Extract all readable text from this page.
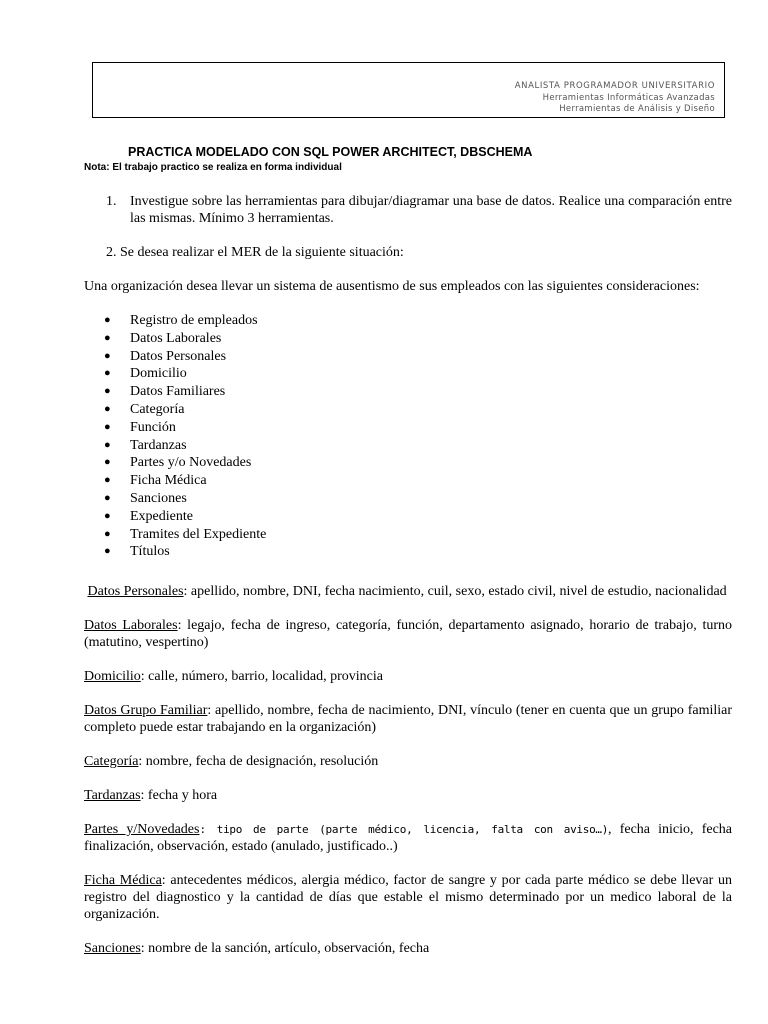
ANALISTA PROGRAMADOR UNIVERSITARIO
Herramientas Informáticas Avanzadas
Herramientas de Análisis y Diseño
PRACTICA MODELADO CON SQL POWER ARCHITECT, DBSCHEMA
Nota: El trabajo practico se realiza en forma individual

1. Investigue sobre las herramientas para dibujar/diagramar una base de datos. Realice una comparación entre las mismas. Mínimo 3 herramientas.

2. Se desea realizar el MER de la siguiente situación:

Una organización desea llevar un sistema de ausentismo de sus empleados con las siguientes consideraciones:

● Registro de empleados
● Datos Laborales
● Datos Personales
● Domicilio
● Datos Familiares
● Categoría
● Función
● Tardanzas
● Partes y/o Novedades
● Ficha Médica
● Sanciones
● Expediente
● Tramites del Expediente
● Títulos

Datos Personales: apellido, nombre, DNI, fecha nacimiento, cuil, sexo, estado civil, nivel de estudio, nacionalidad

Datos Laborales: legajo, fecha de ingreso, categoría, función, departamento asignado, horario de trabajo, turno (matutino, vespertino)

Domicilio: calle, número, barrio, localidad, provincia

Datos Grupo Familiar: apellido, nombre, fecha de nacimiento, DNI, vínculo (tener en cuenta que un grupo familiar completo puede estar trabajando en la organización)

Categoría: nombre, fecha de designación, resolución

Tardanzas: fecha y hora

Partes y/Novedades: tipo de parte (parte médico, licencia, falta con aviso…), fecha inicio, fecha finalización, observación, estado (anulado, justificado..)

Ficha Médica: antecedentes médicos, alergia médico, factor de sangre y por cada parte médico se debe llevar un registro del diagnostico y la cantidad de días que estable el mismo determinado por un medico laboral de la organización.

Sanciones: nombre de la sanción, artículo, observación, fecha
